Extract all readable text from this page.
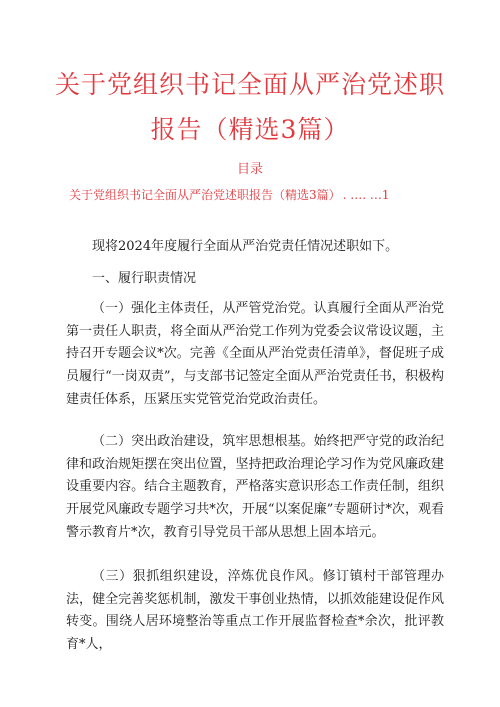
关于党组织书记全面从严治党述职
报告（精选3篇）
目录
关于党组织书记全面从严治党述职报告（精选3篇） . …. … 1

现将2024年度履行全面从严治党责任情况述职如下。

一、履行职责情况

（一）强化主体责任，从严管党治党。认真履行全面从严治党第一责任人职责，将全面从严治党工作列为党委会议常设议题，主持召开专题会议*次。完善《全面从严治党责任清单》，督促班子成员履行“一岗双责”，与支部书记签定全面从严治党责任书，积极构建责任体系，压紧压实党管党治党政治责任。

（二）突出政治建设，筑牢思想根基。始终把严守党的政治纪律和政治规矩摆在突出位置，坚持把政治理论学习作为党风廉政建设重要内容。结合主题教育，严格落实意识形态工作责任制，组织开展党风廉政专题学习共*次，开展“以案促廉”专题研讨*次，观看警示教育片*次，教育引导党员干部从思想上固本培元。

（三）狠抓组织建设，淬炼优良作风。修订镇村干部管理办法，健全完善奖惩机制，激发干事创业热情，以抓效能建设促作风转变。围绕人居环境整治等重点工作开展监督检查*余次，批评教育*人，
